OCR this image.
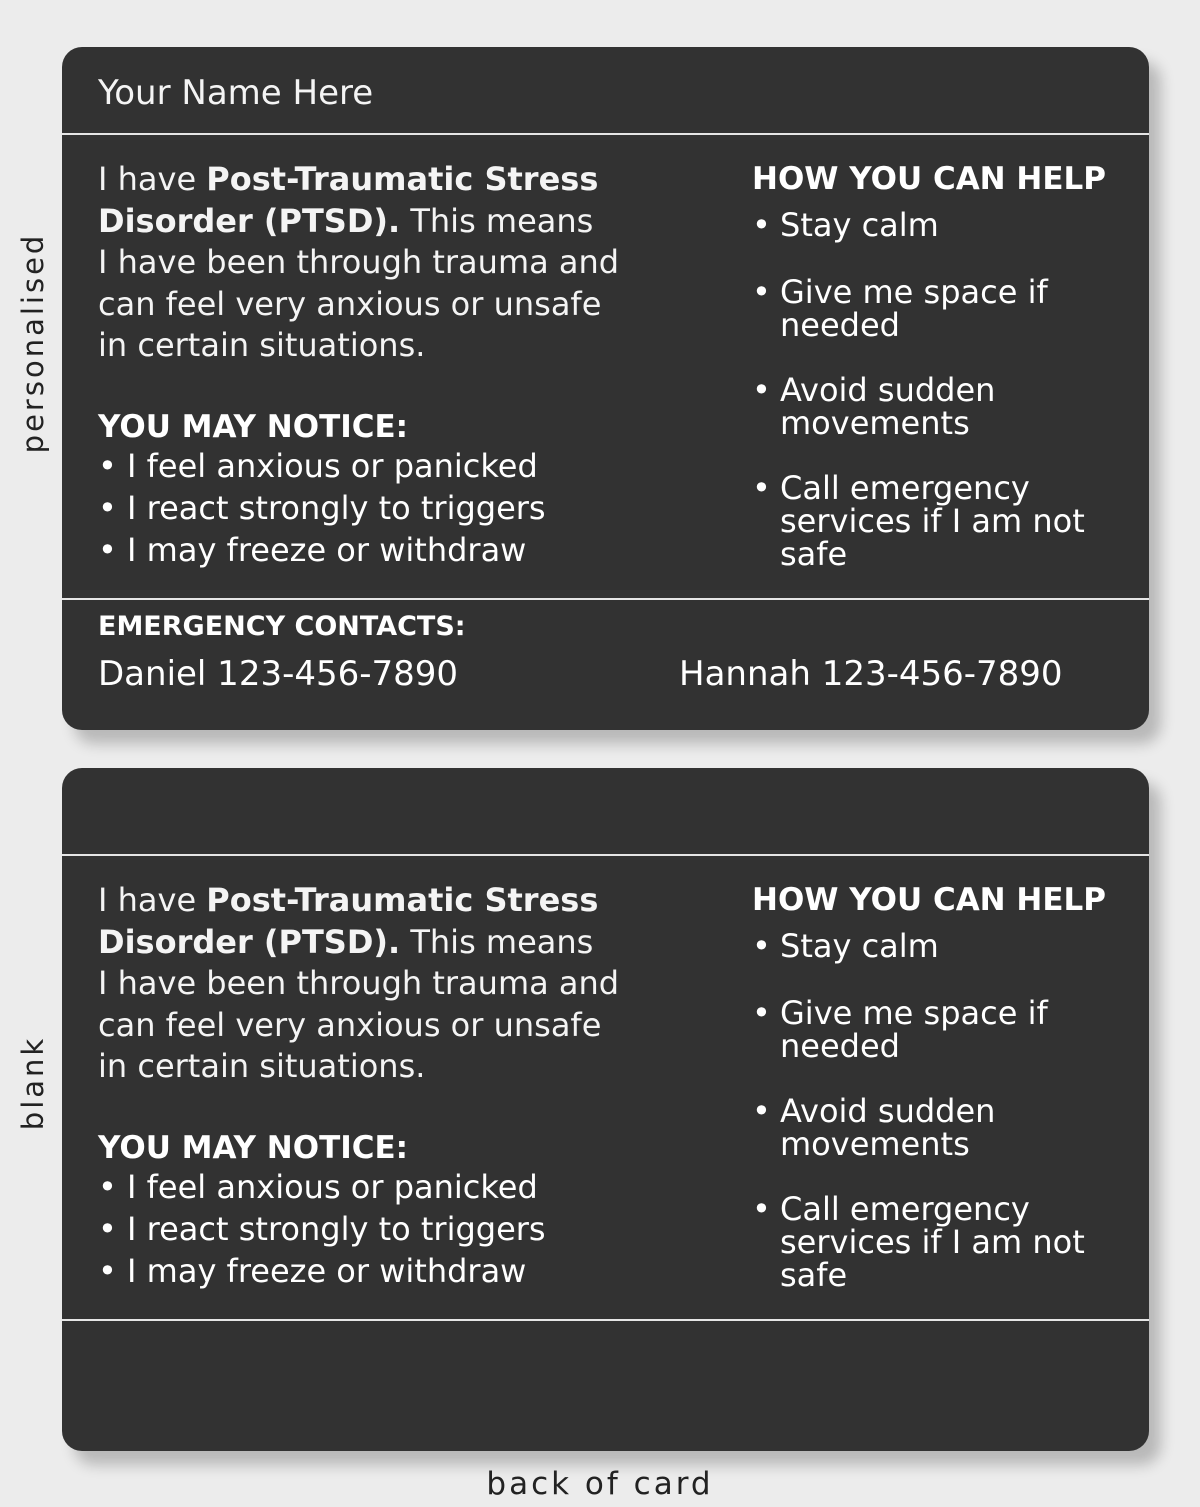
personalised
blank
Your Name Here
I have Post-Traumatic Stress
Disorder (PTSD). This means
I have been through trauma and
can feel very anxious or unsafe
in certain situations.
YOU MAY NOTICE:
• I feel anxious or panicked
• I react strongly to triggers
• I may freeze or withdraw
HOW YOU CAN HELP
• Stay calm
• Give me space if
needed
• Avoid sudden
movements
• Call emergency
services if I am not
safe
EMERGENCY CONTACTS:
Daniel 123-456-7890	Hannah 123-456-7890
I have Post-Traumatic Stress
Disorder (PTSD). This means
I have been through trauma and
can feel very anxious or unsafe
in certain situations.
YOU MAY NOTICE:
• I feel anxious or panicked
• I react strongly to triggers
• I may freeze or withdraw
HOW YOU CAN HELP
• Stay calm
• Give me space if
needed
• Avoid sudden
movements
• Call emergency
services if I am not
safe
back of card
